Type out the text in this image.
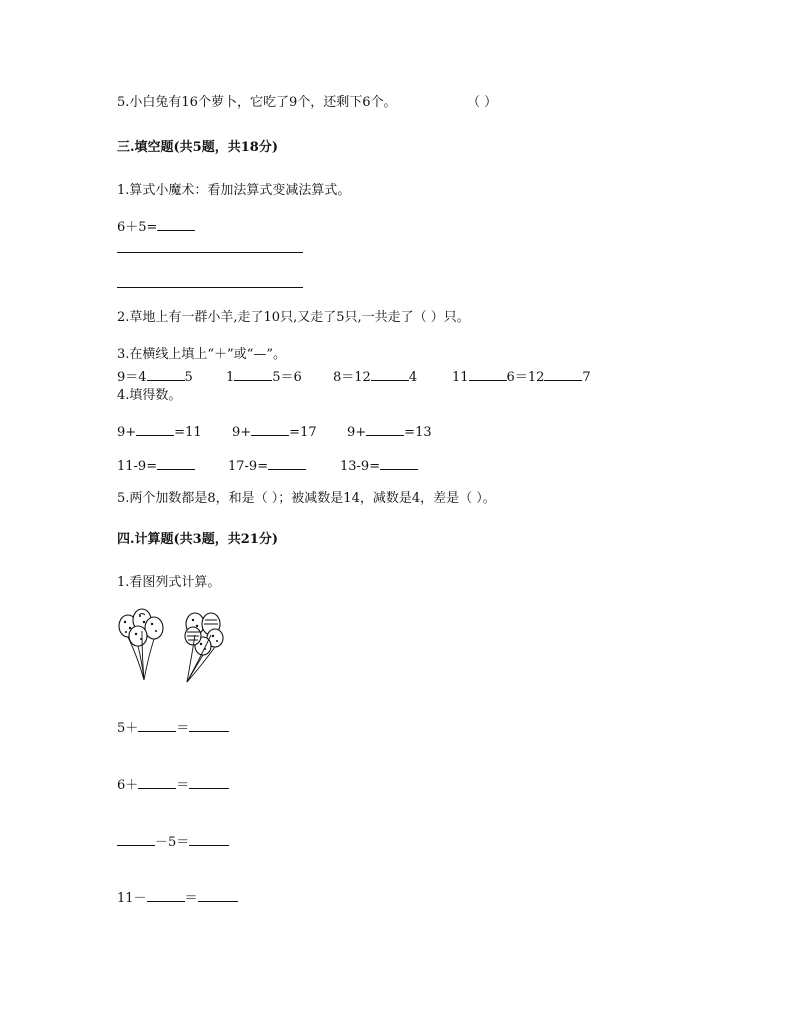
5.小白兔有16个萝卜，它吃了9个，还剩下6个。	（ ）
三.填空题(共5题，共18分)
1.算式小魔术：看加法算式变减法算式。
6＋5=
2.草地上有一群小羊,走了10只,又走了5只,一共走了（ ）只。
3.在横线上填上“＋”或“—”。
9＝4	5	1	5＝6 8＝12	4	11	6＝12	7
4.填得数。
9+	=11 9+	=17 9+	=13
11-9=	17-9=	13-9=
5.两个加数都是8，和是（ ）；被减数是14，减数是4，差是（ ）。
四.计算题(共3题，共21分)
1.看图列式计算。
5＋	＝
6＋	＝
－5＝
11－	＝
